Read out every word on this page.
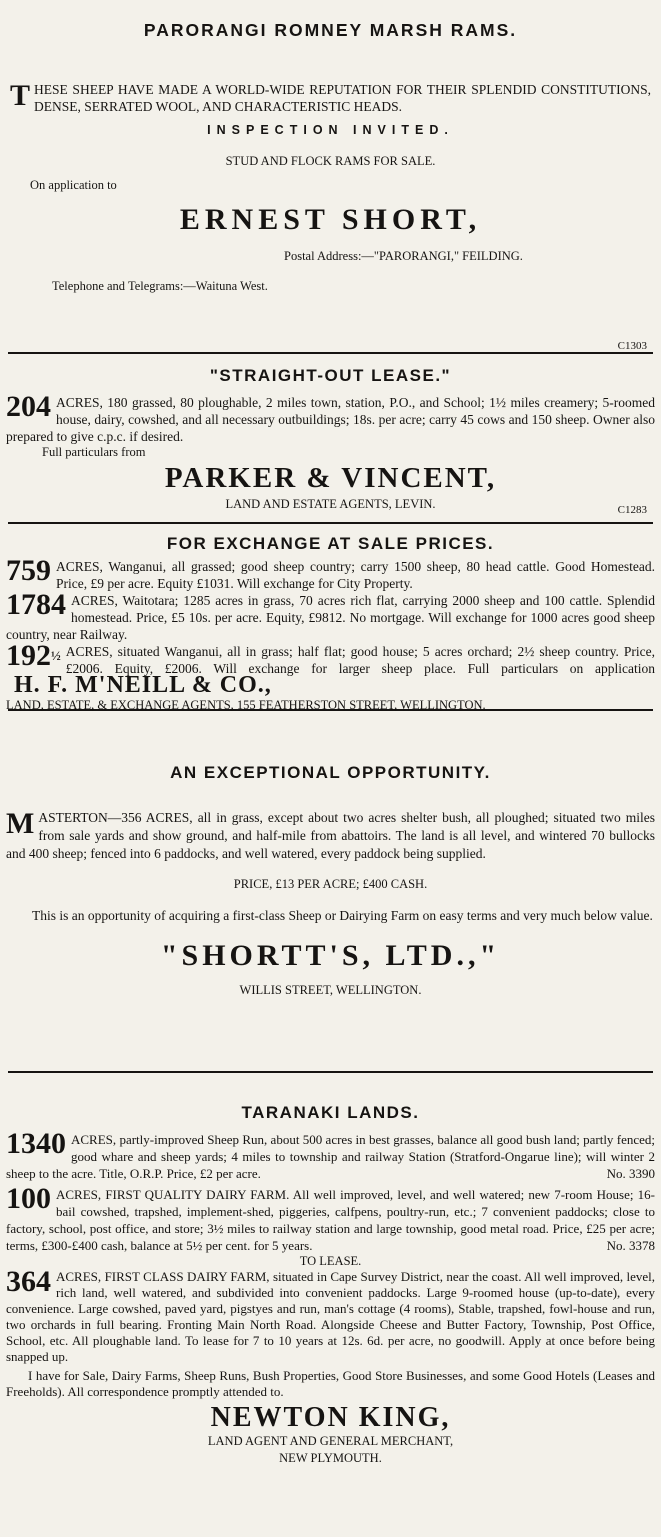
PARORANGI ROMNEY MARSH RAMS.
T HESE SHEEP HAVE MADE A WORLD-WIDE REPUTATION FOR THEIR SPLENDID CONSTITUTIONS, DENSE, SERRATED WOOL, AND CHARACTERISTIC HEADS.
INSPECTION INVITED.
STUD AND FLOCK RAMS FOR SALE.
On application to
ERNEST SHORT,
Postal Address:—"PARORANGI," FEILDING.
Telephone and Telegrams:—Waituna West.
C1303
"STRAIGHT-OUT LEASE."
204 ACRES, 180 grassed, 80 ploughable, 2 miles town, station, P.O., and School; 1½ miles creamery; 5-roomed house, dairy, cowshed, and all necessary outbuildings; 18s. per acre; carry 45 cows and 150 sheep. Owner also prepared to give c.p.c. if desired.
Full particulars from
PARKER & VINCENT,
LAND AND ESTATE AGENTS, LEVIN.	C1283
FOR EXCHANGE AT SALE PRICES.
759 ACRES, Wanganui, all grassed; good sheep country; carry 1500 sheep, 80 head cattle. Good Homestead. Price, £9 per acre. Equity £1031. Will exchange for City Property.
1784 ACRES, Waitotara; 1285 acres in grass, 70 acres rich flat, carrying 2000 sheep and 100 cattle. Splendid homestead. Price, £5 10s. per acre. Equity, £9812. No mortgage. Will exchange for 1000 acres good sheep country, near Railway.
$192^{\frac{1}{2}}$ ACRES, situated Wanganui, all in grass; half flat; good house; 5 acres orchard; 2½ sheep country. Price, £2006. Equity, £2006. Will exchange for larger sheep place. Full particulars on application H. F. M'NEILL & CO.,
LAND, ESTATE, & EXCHANGE AGENTS, 155 FEATHERSTON STREET, WELLINGTON.
AN EXCEPTIONAL OPPORTUNITY.
M ASTERTON—356 ACRES, all in grass, except about two acres shelter bush, all ploughed; situated two miles from sale yards and show ground, and half-mile from abattoirs. The land is all level, and wintered 70 bullocks and 400 sheep; fenced into 6 paddocks, and well watered, every paddock being supplied.
PRICE, £13 PER ACRE; £400 CASH.
This is an opportunity of acquiring a first-class Sheep or Dairying Farm on easy terms and very much below value.
"SHORTT'S, LTD.,"
WILLIS STREET, WELLINGTON.
TARANAKI LANDS.
1340 ACRES, partly-improved Sheep Run, about 500 acres in best grasses, balance all good bush land; partly fenced; good whare and sheep yards; 4 miles to township and railway Station (Stratford-Ongarue line); will winter 2 sheep to the acre. Title, O.R.P. Price, £2 per acre.	No. 3390
100 ACRES, FIRST QUALITY DAIRY FARM. All well improved, level, and well watered; new 7-room House; 16-bail cowshed, trapshed, implement-shed, piggeries, calfpens, poultry-run, etc.; 7 convenient paddocks; close to factory, school, post office, and store; 3½ miles to railway station and large township, good metal road. Price, £25 per acre; terms, £300-£400 cash, balance at 5½ per cent. for 5 years.	No. 3378
TO LEASE.
364 ACRES, FIRST CLASS DAIRY FARM, situated in Cape Survey District, near the coast. All well improved, level, rich land, well watered, and subdivided into convenient paddocks. Large 9-roomed house (up-to-date), every convenience. Large cowshed, paved yard, pigstyes and run, man's cottage (4 rooms), Stable, trapshed, fowl-house and run, two orchards in full bearing. Fronting Main North Road. Alongside Cheese and Butter Factory, Township, Post Office, School, etc. All ploughable land. To lease for 7 to 10 years at 12s. 6d. per acre, no goodwill. Apply at once before being snapped up.
I have for Sale, Dairy Farms, Sheep Runs, Bush Properties, Good Store Businesses, and some Good Hotels (Leases and Freeholds). All correspondence promptly attended to.
NEWTON KING,
LAND AGENT AND GENERAL MERCHANT,
NEW PLYMOUTH.
